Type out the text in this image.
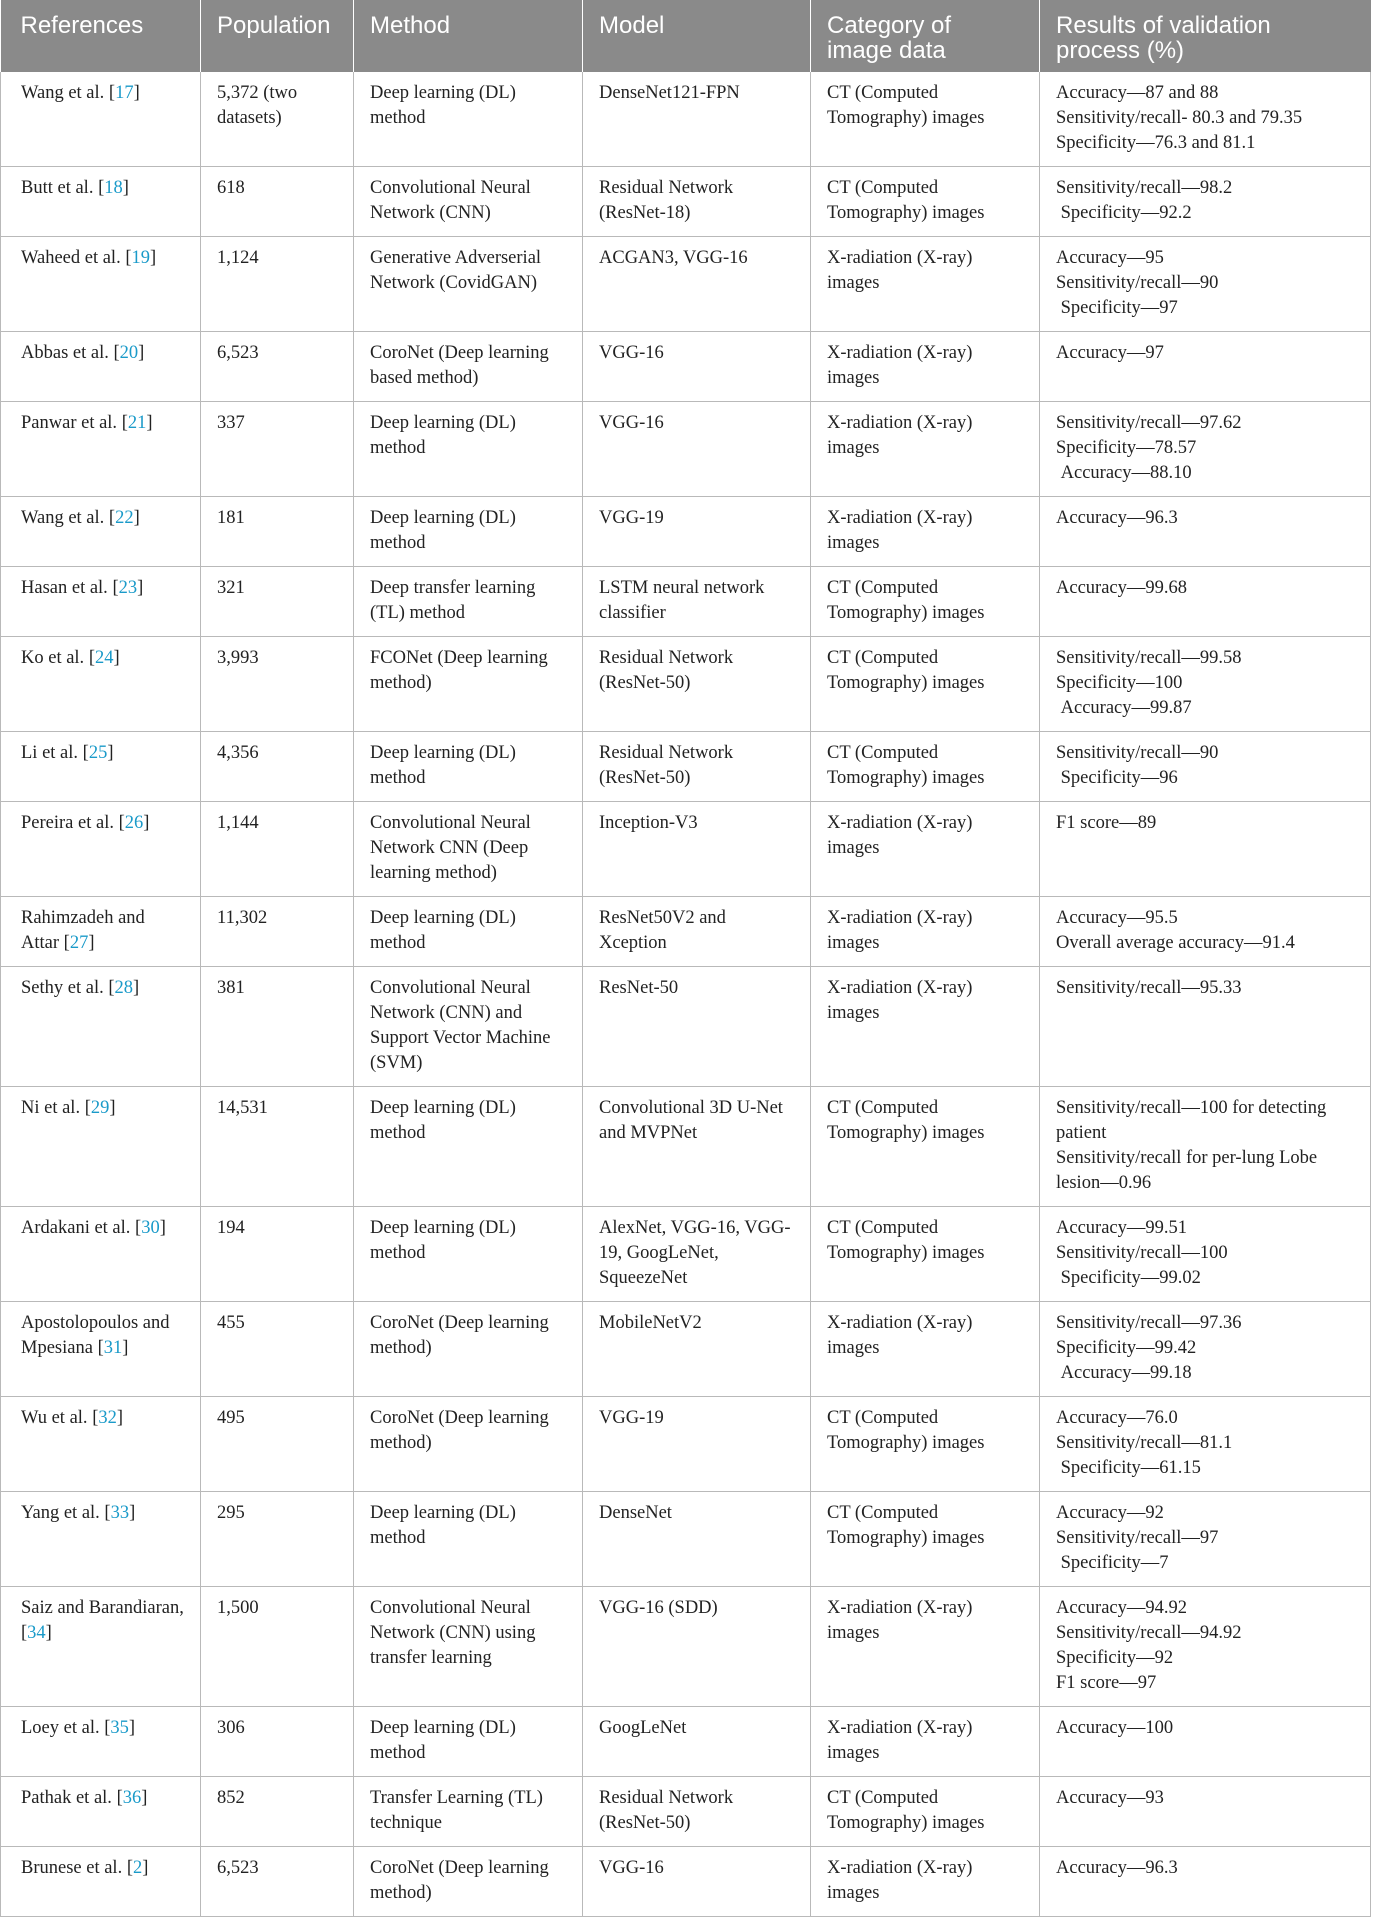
References	Population	Method	Model	Category of image data	Results of validation process (%)
Wang et al. [17]	5,372 (two datasets)	Deep learning (DL) method	DenseNet121-FPN	CT (Computed Tomography) images	Accuracy—87 and 88
Sensitivity/recall- 80.3 and 79.35
Specificity—76.3 and 81.1

Butt et al. [18]	618	Convolutional Neural Network (CNN)	Residual Network (ResNet-18)	CT (Computed Tomography) images	Sensitivity/recall—98.2
Specificity—92.2

Waheed et al. [19]	1,124	Generative Adverserial Network (CovidGAN)	ACGAN3, VGG-16	X-radiation (X-ray) images	Accuracy—95
Sensitivity/recall—90
Specificity—97

Abbas et al. [20]	6,523	CoroNet (Deep learning based method)	VGG-16	X-radiation (X-ray) images	Accuracy—97

Panwar et al. [21]	337	Deep learning (DL) method	VGG-16	X-radiation (X-ray) images	Sensitivity/recall—97.62
Specificity—78.57
Accuracy—88.10

Wang et al. [22]	181	Deep learning (DL) method	VGG-19	X-radiation (X-ray) images	Accuracy—96.3

Hasan et al. [23]	321	Deep transfer learning (TL) method	LSTM neural network classifier	CT (Computed Tomography) images	Accuracy—99.68

Ko et al. [24]	3,993	FCONet (Deep learning method)	Residual Network (ResNet-50)	CT (Computed Tomography) images	Sensitivity/recall—99.58
Specificity—100
Accuracy—99.87

Li et al. [25]	4,356	Deep learning (DL) method	Residual Network (ResNet-50)	CT (Computed Tomography) images	Sensitivity/recall—90
Specificity—96

Pereira et al. [26]	1,144	Convolutional Neural Network CNN (Deep learning method)	Inception-V3	X-radiation (X-ray) images	F1 score—89

Rahimzadeh and Attar [27]	11,302	Deep learning (DL) method	ResNet50V2 and Xception	X-radiation (X-ray) images	Accuracy—95.5
Overall average accuracy—91.4

Sethy et al. [28]	381	Convolutional Neural Network (CNN) and Support Vector Machine (SVM)	ResNet-50	X-radiation (X-ray) images	Sensitivity/recall—95.33

Ni et al. [29]	14,531	Deep learning (DL) method	Convolutional 3D U-Net and MVPNet	CT (Computed Tomography) images	Sensitivity/recall—100 for detecting patient
Sensitivity/recall for per-lung Lobe lesion—0.96

Ardakani et al. [30]	194	Deep learning (DL) method	AlexNet, VGG-16, VGG-19, GoogLeNet, SqueezeNet	CT (Computed Tomography) images	Accuracy—99.51
Sensitivity/recall—100
Specificity—99.02

Apostolopoulos and Mpesiana [31]	455	CoroNet (Deep learning method)	MobileNetV2	X-radiation (X-ray) images	Sensitivity/recall—97.36
Specificity—99.42
Accuracy—99.18

Wu et al. [32]	495	CoroNet (Deep learning method)	VGG-19	CT (Computed Tomography) images	Accuracy—76.0
Sensitivity/recall—81.1
Specificity—61.15

Yang et al. [33]	295	Deep learning (DL) method	DenseNet	CT (Computed Tomography) images	Accuracy—92
Sensitivity/recall—97
Specificity—7

Saiz and Barandiaran, [34]	1,500	Convolutional Neural Network (CNN) using transfer learning	VGG-16 (SDD)	X-radiation (X-ray) images	Accuracy—94.92
Sensitivity/recall—94.92
Specificity—92
F1 score—97

Loey et al. [35]	306	Deep learning (DL) method	GoogLeNet	X-radiation (X-ray) images	Accuracy—100

Pathak et al. [36]	852	Transfer Learning (TL) technique	Residual Network (ResNet-50)	CT (Computed Tomography) images	Accuracy—93

Brunese et al. [2]	6,523	CoroNet (Deep learning method)	VGG-16	X-radiation (X-ray) images	Accuracy—96.3
